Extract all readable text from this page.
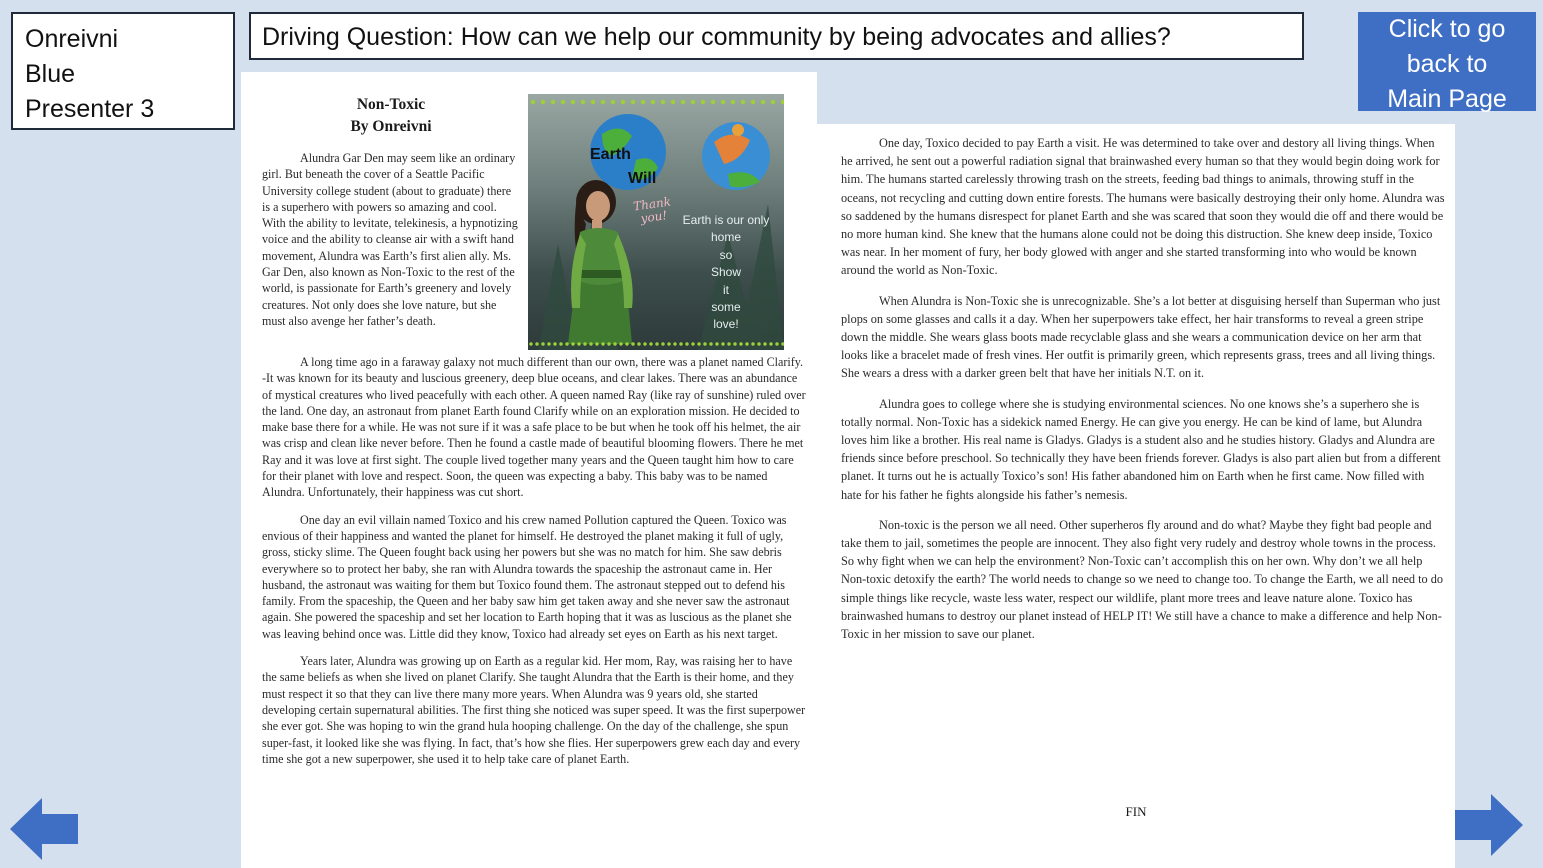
Onreivni
Blue
Presenter 3
Driving Question: How can we help our community by being advocates and allies?	Click to go
back to
Main Page
Non-Toxic
By Onreivni
Earth
Will
Thank you!	Earth is our only
home
so
Show
it
some
love!

Alundra Gar Den may seem like an ordinary girl. But beneath the cover of a Seattle Pacific University college student (about to graduate) there is a superhero with powers so amazing and cool. With the ability to levitate, telekinesis, a hypnotizing voice and the ability to cleanse air with a swift hand movement, Alundra was Earth’s first alien ally. Ms. Gar Den, also known as Non-Toxic to the rest of the world, is passionate for Earth’s greenery and lovely creatures. Not only does she love nature, but she must also avenge her father’s death.

A long time ago in a faraway galaxy not much different than our own, there was a planet named Clarify. -It was known for its beauty and luscious greenery, deep blue oceans, and clear lakes. There was an abundance of mystical creatures who lived peacefully with each other. A queen named Ray (like ray of sunshine) ruled over the land. One day, an astronaut from planet Earth found Clarify while on an exploration mission. He decided to make base there for a while. He was not sure if it was a safe place to be but when he took off his helmet, the air was crisp and clean like never before. Then he found a castle made of beautiful blooming flowers. There he met Ray and it was love at first sight. The couple lived together many years and the Queen taught him how to care for their planet with love and respect. Soon, the queen was expecting a baby. This baby was to be named Alundra. Unfortunately, their happiness was cut short.

One day an evil villain named Toxico and his crew named Pollution captured the Queen. Toxico was envious of their happiness and wanted the planet for himself. He destroyed the planet making it full of ugly, gross, sticky slime. The Queen fought back using her powers but she was no match for him. She saw debris everywhere so to protect her baby, she ran with Alundra towards the spaceship the astronaut came in. Her husband, the astronaut was waiting for them but Toxico found them. The astronaut stepped out to defend his family. From the spaceship, the Queen and her baby saw him get taken away and she never saw the astronaut again. She powered the spaceship and set her location to Earth hoping that it was as luscious as the planet she was leaving behind once was. Little did they know, Toxico had already set eyes on Earth as his next target.

Years later, Alundra was growing up on Earth as a regular kid. Her mom, Ray, was raising her to have the same beliefs as when she lived on planet Clarify. She taught Alundra that the Earth is their home, and they must respect it so that they can live there many more years. When Alundra was 9 years old, she started developing certain supernatural abilities. The first thing she noticed was super speed. It was the first superpower she ever got. She was hoping to win the grand hula hooping challenge. On the day of the challenge, she spun super-fast, it looked like she was flying. In fact, that’s how she flies. Her superpowers grew each day and every time she got a new superpower, she used it to help take care of planet Earth.

One day, Toxico decided to pay Earth a visit. He was determined to take over and destory all living things. When he arrived, he sent out a powerful radiation signal that brainwashed every human so that they would begin doing work for him. The humans started carelessly throwing trash on the streets, feeding bad things to animals, throwing stuff in the oceans, not recycling and cutting down entire forests. The humans were basically destroying their only home. Alundra was so saddened by the humans disrespect for planet Earth and she was scared that soon they would die off and there would be no more human kind. She knew that the humans alone could not be doing this distruction. She knew deep inside, Toxico was near. In her moment of fury, her body glowed with anger and she started transforming into who would be known around the world as Non-Toxic.

When Alundra is Non-Toxic she is unrecognizable. She’s a lot better at disguising herself than Superman who just plops on some glasses and calls it a day. When her superpowers take effect, her hair transforms to reveal a green stripe down the middle. She wears glass boots made recyclable glass and she wears a communication device on her arm that looks like a bracelet made of fresh vines. Her outfit is primarily green, which represents grass, trees and all living things. She wears a dress with a darker green belt that have her initials N.T. on it.

Alundra goes to college where she is studying environmental sciences. No one knows she’s a superhero she is totally normal. Non-Toxic has a sidekick named Energy. He can give you energy. He can be kind of lame, but Alundra loves him like a brother. His real name is Gladys. Gladys is a student also and he studies history. Gladys and Alundra are friends since before preschool. So technically they have been friends forever. Gladys is also part alien but from a different planet. It turns out he is actually Toxico’s son! His father abandoned him on Earth when he first came. Now filled with hate for his father he fights alongside his father’s nemesis.

Non-toxic is the person we all need. Other superheros fly around and do what? Maybe they fight bad people and take them to jail, sometimes the people are innocent. They also fight very rudely and destroy whole towns in the process. So why fight when we can help the environment? Non-Toxic can’t accomplish this on her own. Why don’t we all help Non-toxic detoxify the earth? The world needs to change so we need to change too. To change the Earth, we all need to do simple things like recycle, waste less water, respect our wildlife, plant more trees and leave nature alone. Toxico has brainwashed humans to destroy our planet instead of HELP IT! We still have a chance to make a difference and help Non-Toxic in her mission to save our planet.

FIN
